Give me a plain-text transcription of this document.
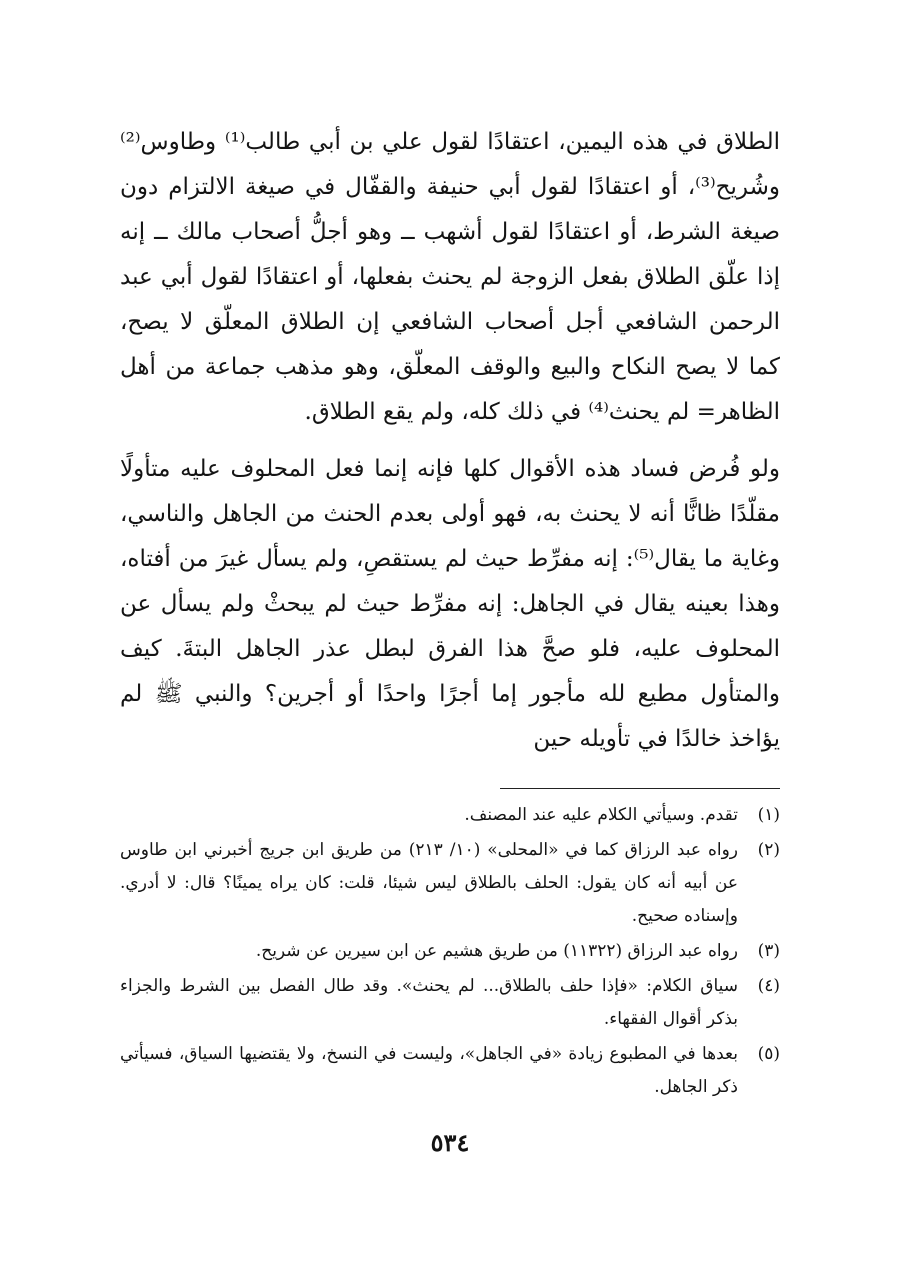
الطلاق في هذه اليمين، اعتقادًا لقول علي بن أبي طالب⁽¹⁾ وطاوس⁽²⁾ وشُريح⁽³⁾، أو اعتقادًا لقول أبي حنيفة والقفّال في صيغة الالتزام دون صيغة الشرط، أو اعتقادًا لقول أشهب ــ وهو أجلُّ أصحاب مالك ــ إنه إذا علّق الطلاق بفعل الزوجة لم يحنث بفعلها، أو اعتقادًا لقول أبي عبد الرحمن الشافعي أجل أصحاب الشافعي إن الطلاق المعلّق لا يصح، كما لا يصح النكاح والبيع والوقف المعلّق، وهو مذهب جماعة من أهل الظاهر= لم يحنث⁽⁴⁾ في ذلك كله، ولم يقع الطلاق.

ولو فُرض فساد هذه الأقوال كلها فإنه إنما فعل المحلوف عليه متأولًا مقلّدًا ظانًّا أنه لا يحنث به، فهو أولى بعدم الحنث من الجاهل والناسي، وغاية ما يقال⁽⁵⁾: إنه مفرِّط حيث لم يستقصِ، ولم يسأل غيرَ من أفتاه، وهذا بعينه يقال في الجاهل: إنه مفرِّط حيث لم يبحثْ ولم يسأل عن المحلوف عليه، فلو صحَّ هذا الفرق لبطل عذر الجاهل البتةَ. كيف والمتأول مطيع لله مأجور إما أجرًا واحدًا أو أجرين؟ والنبي ﷺ لم يؤاخذ خالدًا في تأويله حين

(١)
تقدم. وسيأتي الكلام عليه عند المصنف.
(٢)
رواه عبد الرزاق كما في «المحلى» (١٠/ ٢١٣) من طريق ابن جريج أخبرني ابن طاوس عن أبيه أنه كان يقول: الحلف بالطلاق ليس شيئا، قلت: كان يراه يمينًا؟ قال: لا أدري. وإسناده صحيح.
(٣)
رواه عبد الرزاق (١١٣٢٢) من طريق هشيم عن ابن سيرين عن شريح.
(٤)
سياق الكلام: «فإذا حلف بالطلاق... لم يحنث». وقد طال الفصل بين الشرط والجزاء بذكر أقوال الفقهاء.
(٥)
بعدها في المطبوع زيادة «في الجاهل»، وليست في النسخ، ولا يقتضيها السياق، فسيأتي ذكر الجاهل.
٥٣٤
